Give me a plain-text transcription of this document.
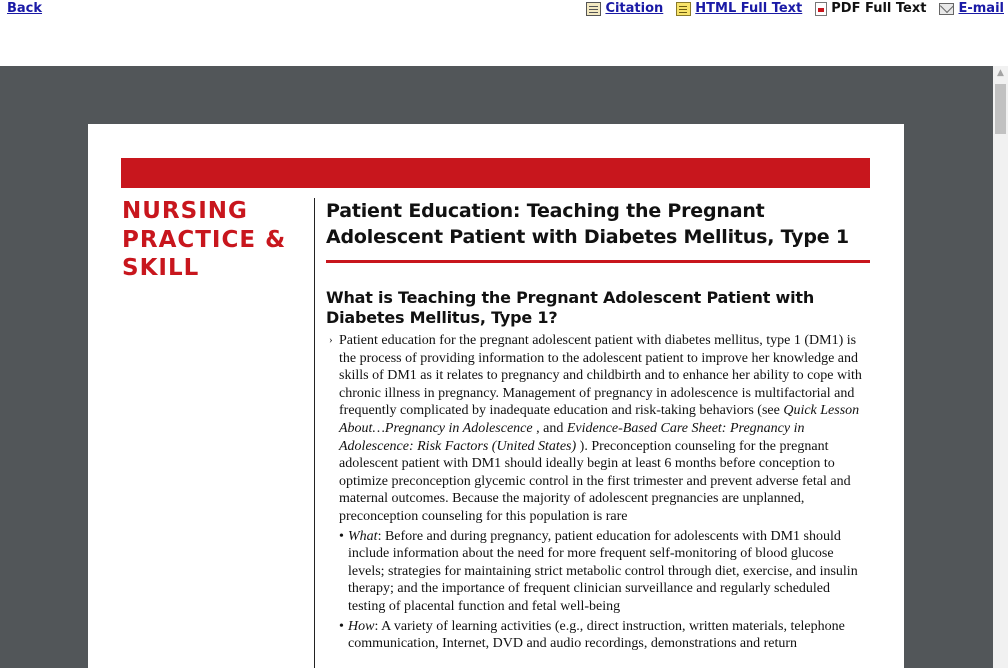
Back	Citation HTML Full Text PDF Full Text E-mail
NURSING
PRACTICE &
SKILL
Patient Education: Teaching the Pregnant Adolescent Patient with Diabetes Mellitus, Type 1
What is Teaching the Pregnant Adolescent Patient with Diabetes Mellitus, Type 1?

› Patient education for the pregnant adolescent patient with diabetes mellitus, type 1 (DM1) is the process of providing information to the adolescent patient to improve her knowledge and skills of DM1 as it relates to pregnancy and childbirth and to enhance her ability to cope with chronic illness in pregnancy. Management of pregnancy in adolescence is multifactorial and frequently complicated by inadequate education and risk-taking behaviors (see Quick Lesson About…Pregnancy in Adolescence , and Evidence-Based Care Sheet: Pregnancy in Adolescence: Risk Factors (United States) ). Preconception counseling for the pregnant adolescent patient with DM1 should ideally begin at least 6 months before conception to optimize preconception glycemic control in the first trimester and prevent adverse fetal and maternal outcomes. Because the majority of adolescent pregnancies are unplanned, preconception counseling for this population is rare

• What: Before and during pregnancy, patient education for adolescents with DM1 should include information about the need for more frequent self-monitoring of blood glucose levels; strategies for maintaining strict metabolic control through diet, exercise, and insulin therapy; and the importance of frequent clinician surveillance and regularly scheduled testing of placental function and fetal well-being
• How: A variety of learning activities (e.g., direct instruction, written materials, telephone communication, Internet, DVD and audio recordings, demonstrations and return
▲
